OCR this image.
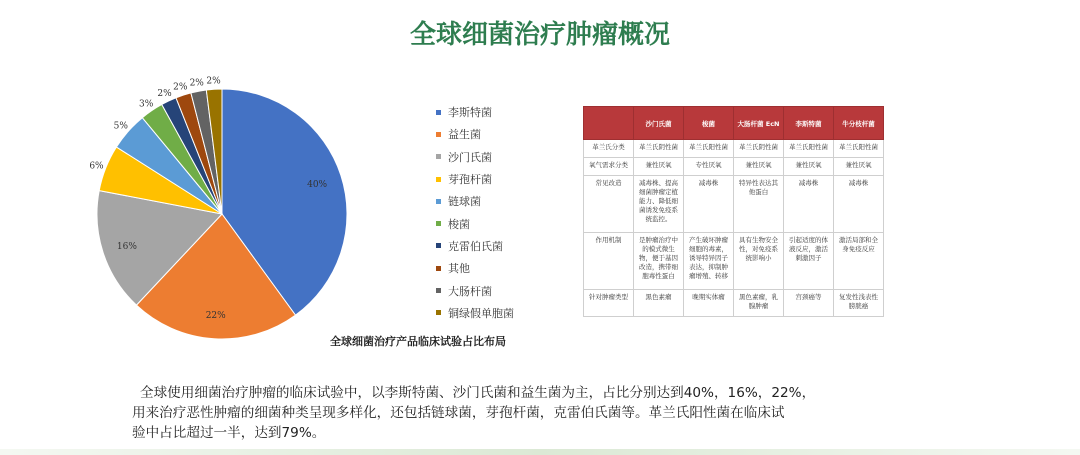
全球细菌治疗肿瘤概况
40%
22%
16%
6%
5%
3%
2%
2% 2% 2%
李斯特菌
益生菌
沙门氏菌
芽孢杆菌
链球菌
梭菌
克雷伯氏菌
其他
大肠杆菌
铜绿假单胞菌
全球细菌治疗产品临床试验占比布局
	沙门氏菌	梭菌	大肠杆菌 EcN	李斯特菌	牛分枝杆菌
革兰氏分类	革兰氏阴性菌	革兰氏阳性菌	革兰氏阴性菌	革兰氏阳性菌	革兰氏阳性菌
氧气需求分类	兼性厌氧	专性厌氧	兼性厌氧	兼性厌氧	兼性厌氧
常见改造	减毒株、提高细菌肿瘤定植能力、降低细菌诱发免疫系统监控。	减毒株	特异性表达其他蛋白	减毒株	减毒株
作用机制	是肿瘤治疗中的模式微生物，便于基因改造，携带细胞毒性蛋白	产生破坏肿瘤细胞的毒素，诱导特异因子表达，抑制肿瘤增殖、转移	具有生物安全性，对免疫系统影响小	引起适度的体液反应，激活刺激因子	激活局部和全身免疫反应
针对肿瘤类型	黑色素瘤	晚期实体瘤	黑色素瘤，乳腺肿瘤	宫颈癌等	复发性浅表性膀胱癌

全球使用细菌治疗肿瘤的临床试验中，以李斯特菌、沙门氏菌和益生菌为主，占比分别达到40%，16%，22%，

用来治疗恶性肿瘤的细菌种类呈现多样化，还包括链球菌，芽孢杆菌，克雷伯氏菌等。革兰氏阳性菌在临床试

验中占比超过一半，达到79%。
